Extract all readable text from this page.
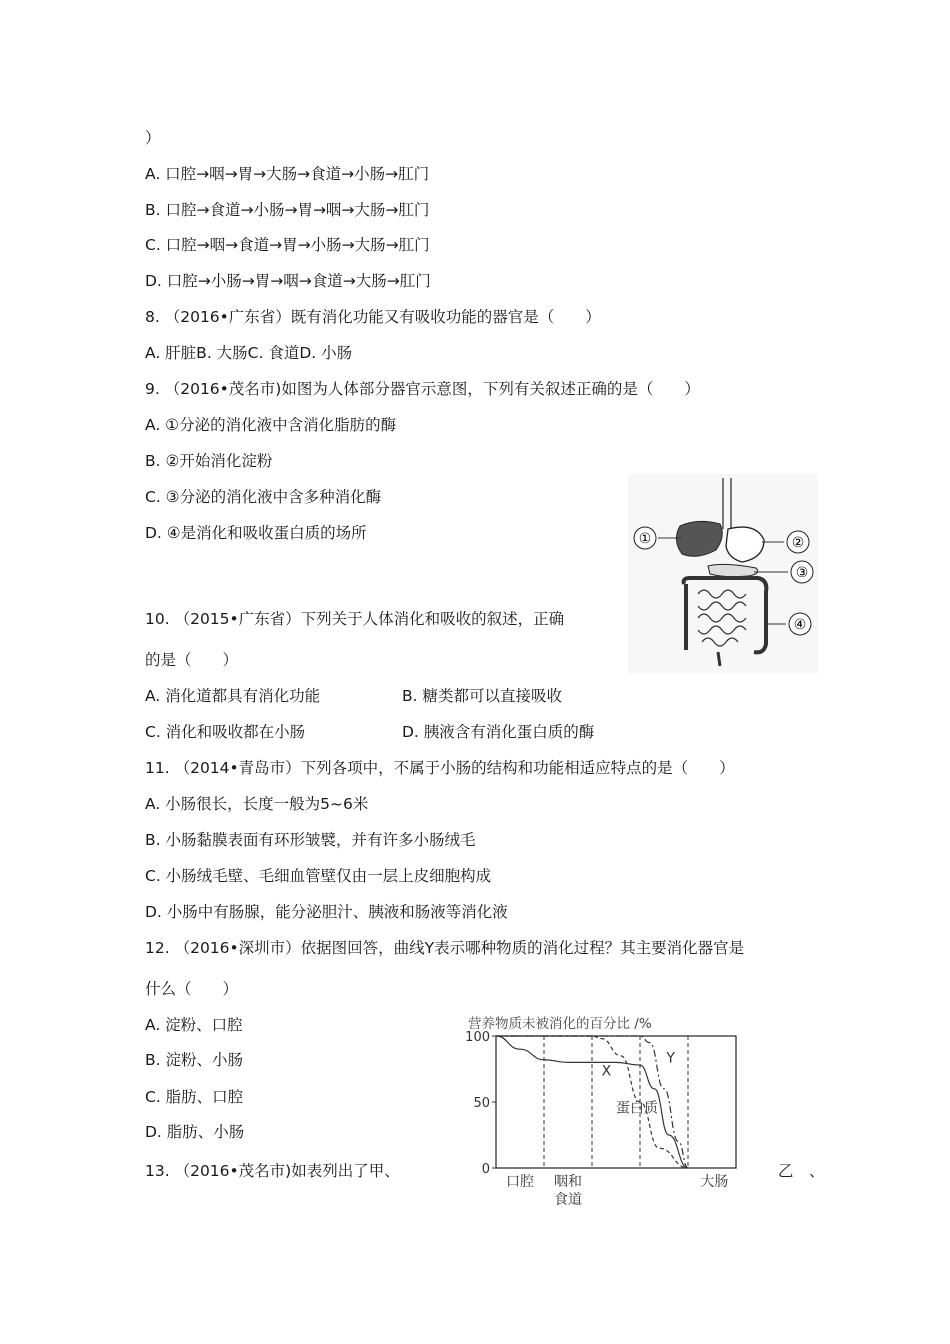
）
A. 口腔→咽→胃→大肠→食道→小肠→肛门
B. 口腔→食道→小肠→胃→咽→大肠→肛门
C. 口腔→咽→食道→胃→小肠→大肠→肛门
D. 口腔→小肠→胃→咽→食道→大肠→肛门
8. （2016•广东省）既有消化功能又有吸收功能的器官是（　　）
A. 肝脏B. 大肠C. 食道D. 小肠
9. （2016•茂名市)如图为人体部分器官示意图，下列有关叙述正确的是（　　）
A. ①分泌的消化液中含消化脂肪的酶
B. ②开始消化淀粉
C. ③分泌的消化液中含多种消化酶
D. ④是消化和吸收蛋白质的场所
10. （2015•广东省）下列关于人体消化和吸收的叙述，正确
的是（　　）
A. 消化道都具有消化功能	B. 糖类都可以直接吸收
C. 消化和吸收都在小肠	D. 胰液含有消化蛋白质的酶
11. （2014•青岛市）下列各项中，不属于小肠的结构和功能相适应特点的是（　　）
A. 小肠很长，长度一般为5~6米
B. 小肠黏膜表面有环形皱襞，并有许多小肠绒毛
C. 小肠绒毛壁、毛细血管壁仅由一层上皮细胞构成
D. 小肠中有肠腺，能分泌胆汁、胰液和肠液等消化液
12. （2016•深圳市）依据图回答，曲线Y表示哪种物质的消化过程？其主要消化器官是
什么（　　）
A. 淀粉、口腔
B. 淀粉、小肠
C. 脂肪、口腔
D. 脂肪、小肠
13. （2016•茂名市)如表列出了甲、	乙　、
①	②
③
④
营养物质未被消化的百分比 /%
100
50
0
X
Y
蛋白质
口腔 咽和
食道
大肠
